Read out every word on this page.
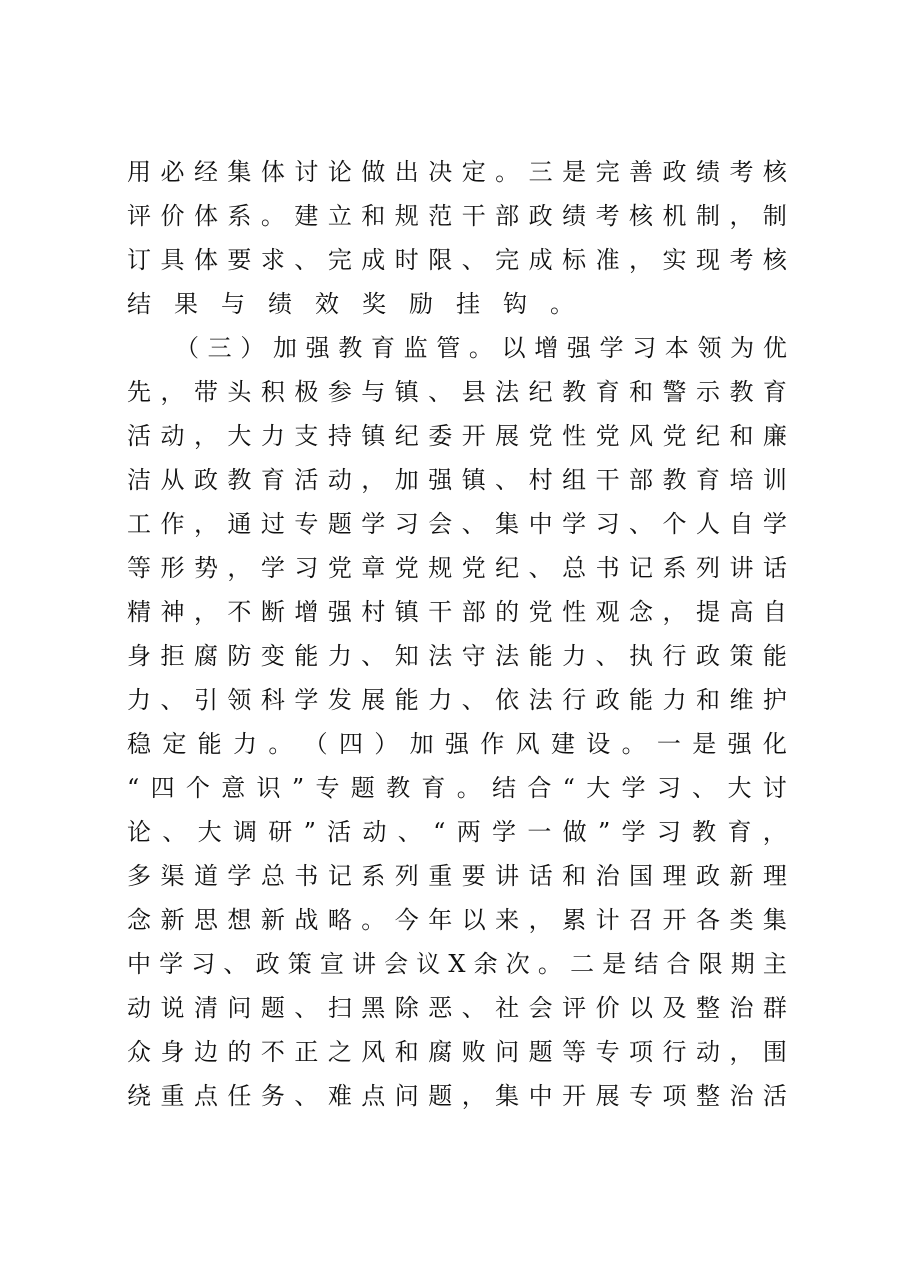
用 必 经 集 体 讨 论 做 出 决 定 。 三 是 完 善 政 绩 考 核
评 价 体 系 。 建 立 和 规 范 干 部 政 绩 考 核 机 制 ， 制
订 具 体 要 求 、 完 成 时 限 、 完 成 标 准 ， 实 现 考 核
结 果 与 绩 效 奖 励 挂 钩 。
（ 三 ） 加 强 教 育 监 管 。 以 增 强 学 习 本 领 为 优
先 ， 带 头 积 极 参 与 镇 、 县 法 纪 教 育 和 警 示 教 育
活 动 ， 大 力 支 持 镇 纪 委 开 展 党 性 党 风 党 纪 和 廉
洁 从 政 教 育 活 动 ， 加 强 镇 、 村 组 干 部 教 育 培 训
工 作 ， 通 过 专 题 学 习 会 、 集 中 学 习 、 个 人 自 学
等 形 势 ， 学 习 党 章 党 规 党 纪 、 总 书 记 系 列 讲 话
精 神 ， 不 断 增 强 村 镇 干 部 的 党 性 观 念 ， 提 高 自
身 拒 腐 防 变 能 力 、 知 法 守 法 能 力 、 执 行 政 策 能
力 、 引 领 科 学 发 展 能 力 、 依 法 行 政 能 力 和 维 护
稳 定 能 力 。 （ 四 ） 加 强 作 风 建 设 。 一 是 强 化
“ 四 个 意 识 ” 专 题 教 育 。 结 合 “ 大 学 习 、 大 讨
论 、 大 调 研 ” 活 动 、 “ 两 学 一 做 ” 学 习 教 育 ，
多 渠 道 学 总 书 记 系 列 重 要 讲 话 和 治 国 理 政 新 理
念 新 思 想 新 战 略 。 今 年 以 来 ， 累 计 召 开 各 类 集
中 学 习 、 政 策 宣 讲 会 议 X 余 次 。 二 是 结 合 限 期 主
动 说 清 问 题 、 扫 黑 除 恶 、 社 会 评 价 以 及 整 治 群
众 身 边 的 不 正 之 风 和 腐 败 问 题 等 专 项 行 动 ， 围
绕 重 点 任 务 、 难 点 问 题 ， 集 中 开 展 专 项 整 治 活
